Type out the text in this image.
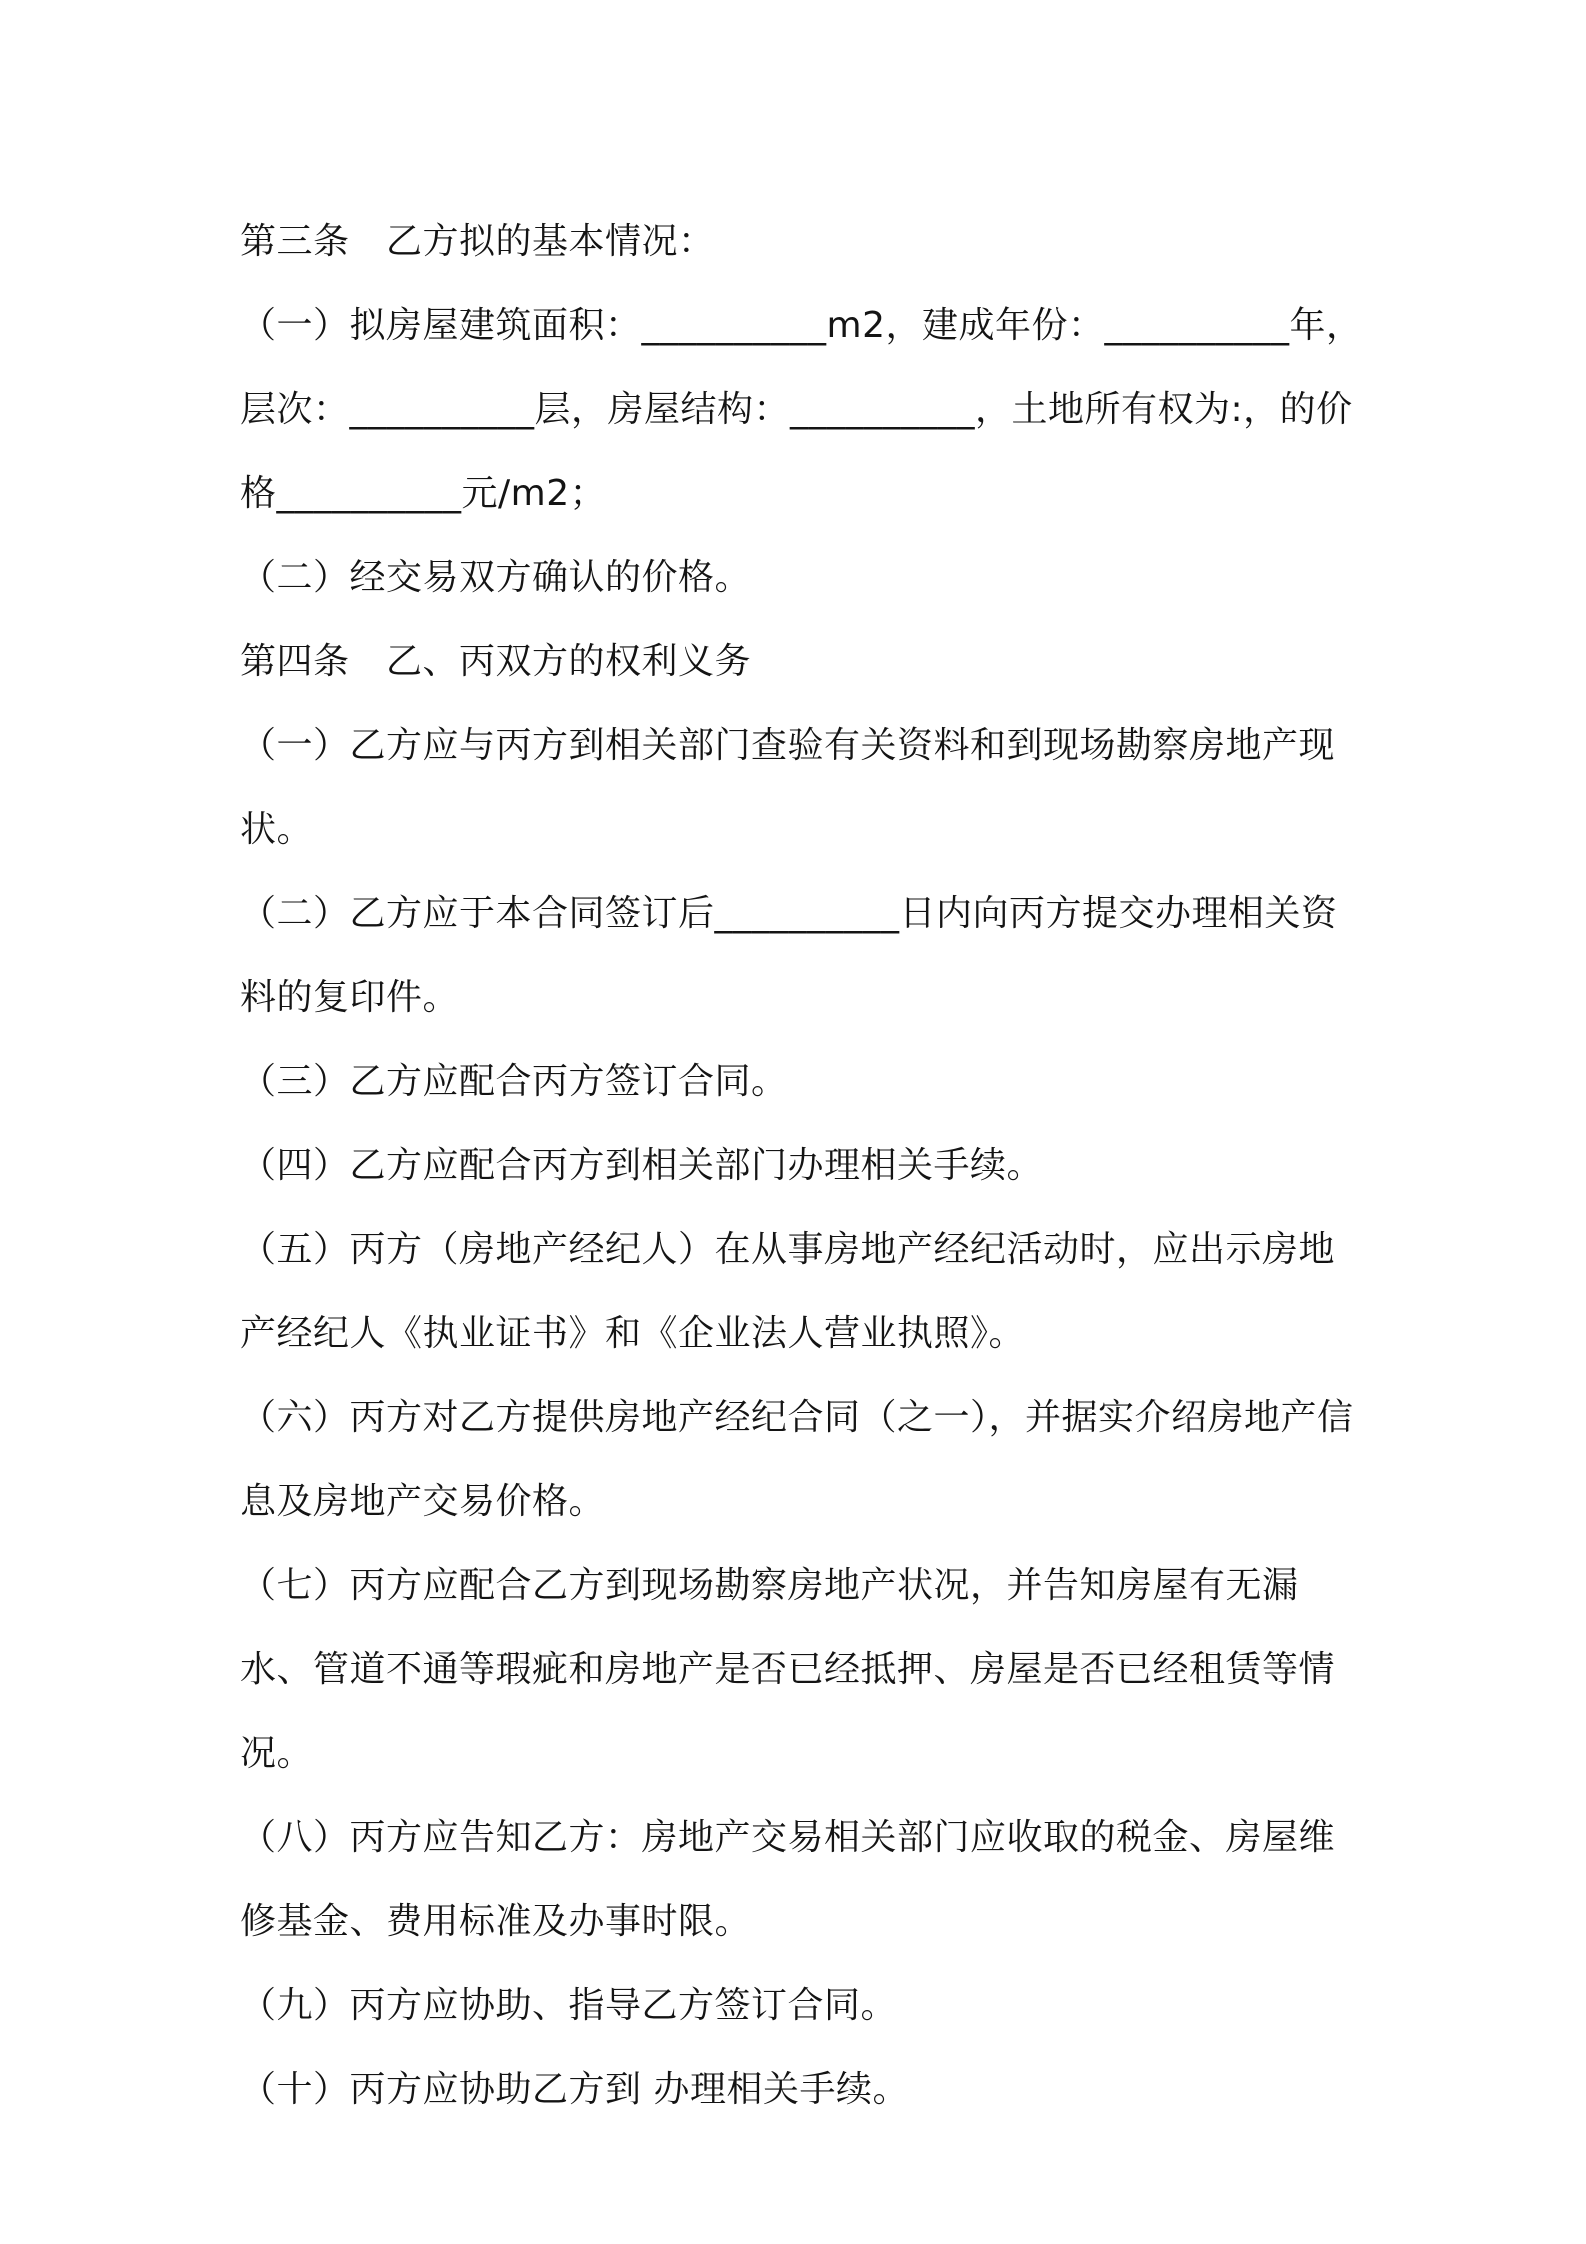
第三条　乙方拟的基本情况：

（一）拟房屋建筑面积：__________m2，建成年份：__________年，层次：__________层，房屋结构：__________，土地所有权为:，的价格__________元/m2；

（二）经交易双方确认的价格。

第四条　乙、丙双方的权利义务

（一）乙方应与丙方到相关部门查验有关资料和到现场勘察房地产现状。

（二）乙方应于本合同签订后__________日内向丙方提交办理相关资料的复印件。

（三）乙方应配合丙方签订合同。

（四）乙方应配合丙方到相关部门办理相关手续。

（五）丙方（房地产经纪人）在从事房地产经纪活动时，应出示房地产经纪人《执业证书》和《企业法人营业执照》。

（六）丙方对乙方提供房地产经纪合同（之一），并据实介绍房地产信息及房地产交易价格。

（七）丙方应配合乙方到现场勘察房地产状况，并告知房屋有无漏水、管道不通等瑕疵和房地产是否已经抵押、房屋是否已经租赁等情况。

（八）丙方应告知乙方：房地产交易相关部门应收取的税金、房屋维修基金、费用标准及办事时限。

（九）丙方应协助、指导乙方签订合同。

（十）丙方应协助乙方到 办理相关手续。
